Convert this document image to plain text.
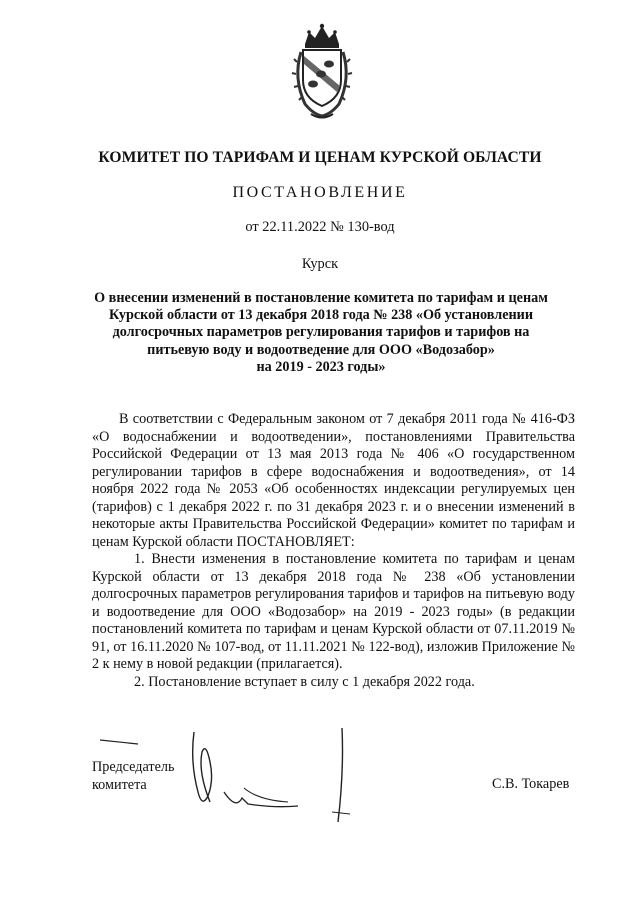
КОМИТЕТ ПО ТАРИФАМ И ЦЕНАМ КУРСКОЙ ОБЛАСТИ
ПОСТАНОВЛЕНИЕ
от 22.11.2022 № 130-вод
Курск
О внесении изменений в постановление комитета по тарифам и ценам
Курской области от 13 декабря 2018 года № 238 «Об установлении
долгосрочных параметров регулирования тарифов и тарифов на
питьевую воду и водоотведение для ООО «Водозабор»
на 2019 - 2023 годы»

В соответствии с Федеральным законом от 7 декабря 2011 года № 416-ФЗ «О водоснабжении и водоотведении», постановлениями Правительства Российской Федерации от 13 мая 2013 года № 406 «О государственном регулировании тарифов в сфере водоснабжения и водоотведения», от 14 ноября 2022 года № 2053 «Об особенностях индексации регулируемых цен (тарифов) с 1 декабря 2022 г. по 31 декабря 2023 г. и о внесении изменений в некоторые акты Правительства Российской Федерации» комитет по тарифам и ценам Курской области ПОСТАНОВЛЯЕТ:

1. Внести изменения в постановление комитета по тарифам и ценам Курской области от 13 декабря 2018 года № 238 «Об установлении долгосрочных параметров регулирования тарифов и тарифов на питьевую воду и водоотведение для ООО «Водозабор» на 2019 - 2023 годы» (в редакции постановлений комитета по тарифам и ценам Курской области от 07.11.2019 № 91, от 16.11.2020 № 107-вод, от 11.11.2021 № 122-вод), изложив Приложение № 2 к нему в новой редакции (прилагается).

2. Постановление вступает в силу с 1 декабря 2022 года.

Председатель
комитета	С.В. Токарев
